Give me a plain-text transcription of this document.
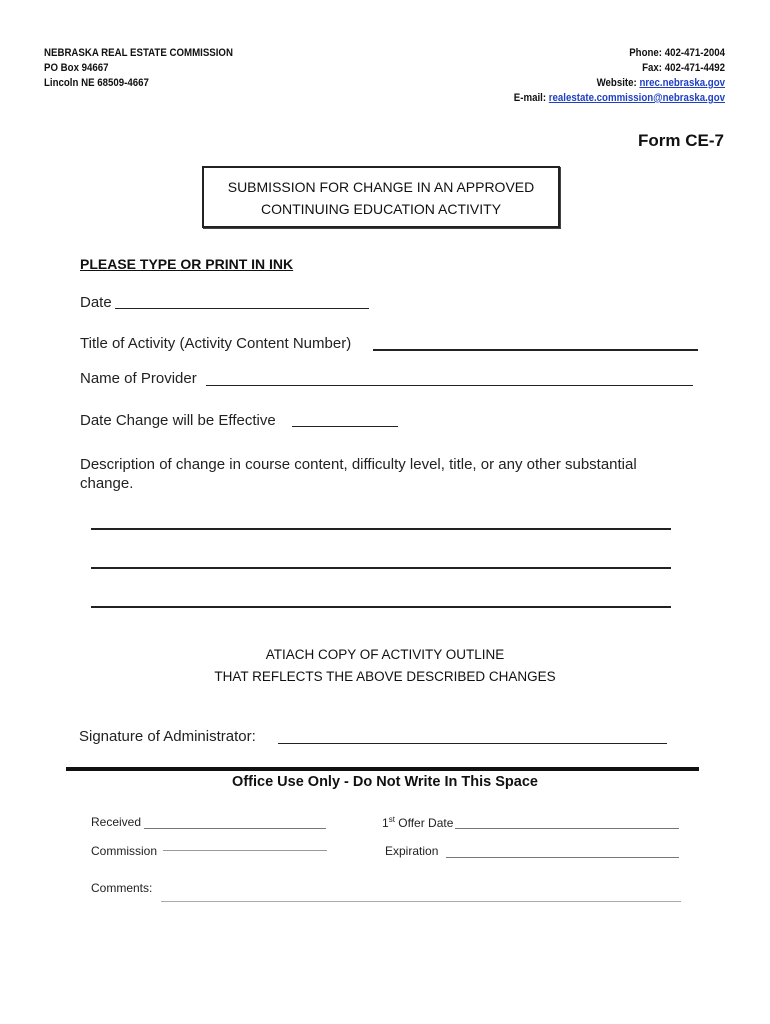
NEBRASKA REAL ESTATE COMMISSION
PO Box 94667
Lincoln NE 68509-4667
Phone: 402-471-2004
Fax: 402-471-4492
Website: nrec.nebraska.gov
E-mail: realestate.commission@nebraska.gov
Form CE-7
SUBMISSION FOR CHANGE IN AN APPROVED
CONTINUING EDUCATION ACTIVITY
PLEASE TYPE OR PRINT IN INK
Date
Title of Activity (Activity Content Number)
Name of Provider
Date Change will be Effective
Description of change in course content, difficulty level, title, or any other substantial change.
ATIACH COPY OF ACTIVITY OUTLINE
THAT REFLECTS THE ABOVE DESCRIBED CHANGES
Signature of Administrator:
Office Use Only - Do Not Write In This Space
Received	1st Offer Date
Commission	Expiration
Comments:
